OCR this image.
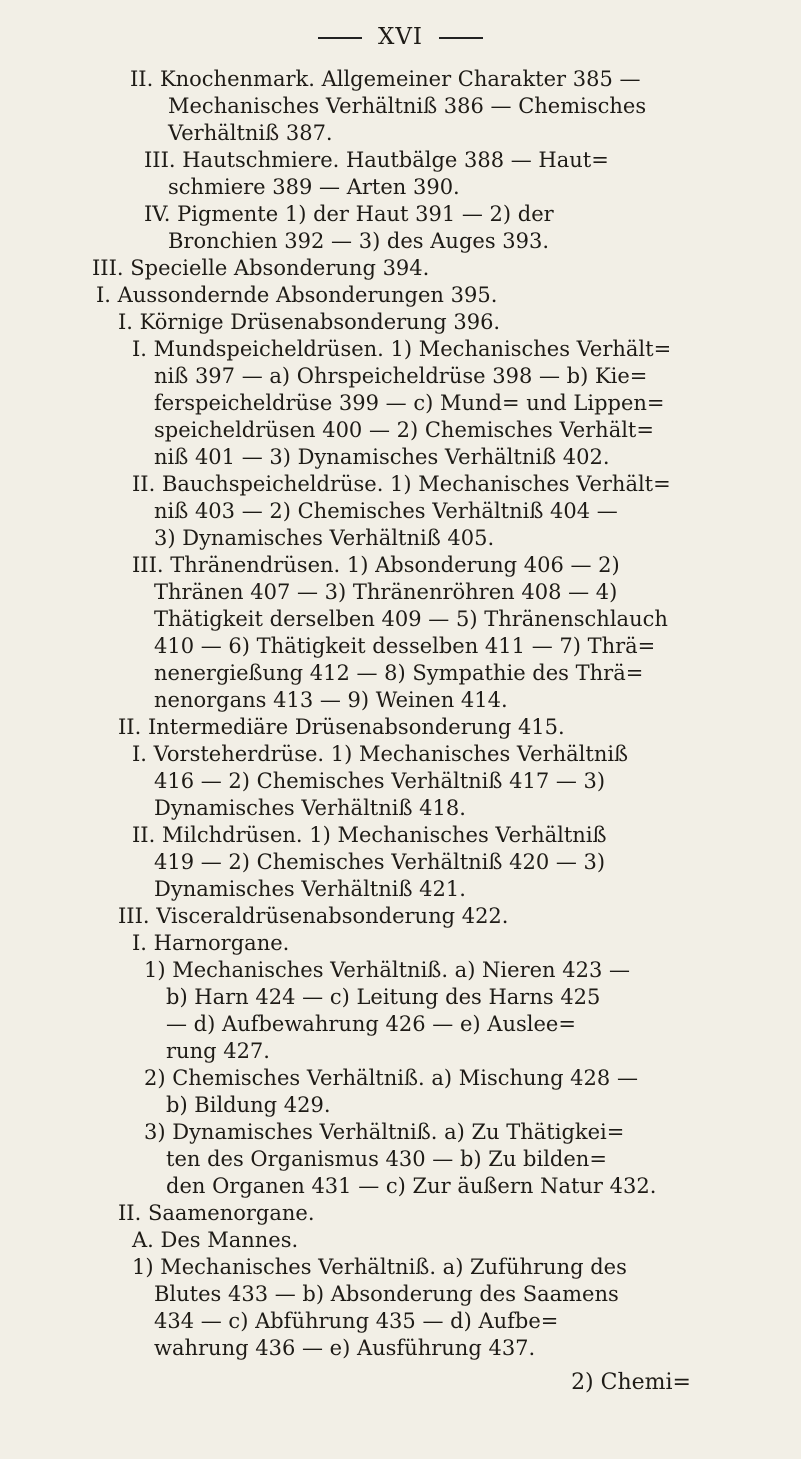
XVI
II. Knochenmark. Allgemeiner Charakter 385 —
Mechanisches Verhältniß 386 — Chemisches
Verhältniß 387.
III. Hautschmiere. Hautbälge 388 — Haut=
schmiere 389 — Arten 390.
IV. Pigmente 1) der Haut 391 — 2) der
Bronchien 392 — 3) des Auges 393.
III. Specielle Absonderung 394.
I. Aussondernde Absonderungen 395.
I. Körnige Drüsenabsonderung 396.
I. Mundspeicheldrüsen. 1) Mechanisches Verhält=
niß 397 — a) Ohrspeicheldrüse 398 — b) Kie=
ferspeicheldrüse 399 — c) Mund= und Lippen=
speicheldrüsen 400 — 2) Chemisches Verhält=
niß 401 — 3) Dynamisches Verhältniß 402.
II. Bauchspeicheldrüse. 1) Mechanisches Verhält=
niß 403 — 2) Chemisches Verhältniß 404 —
3) Dynamisches Verhältniß 405.
III. Thränendrüsen. 1) Absonderung 406 — 2)
Thränen 407 — 3) Thränenröhren 408 — 4)
Thätigkeit derselben 409 — 5) Thränenschlauch
410 — 6) Thätigkeit desselben 411 — 7) Thrä=
nenergießung 412 — 8) Sympathie des Thrä=
nenorgans 413 — 9) Weinen 414.
II. Intermediäre Drüsenabsonderung 415.
I. Vorsteherdrüse. 1) Mechanisches Verhältniß
416 — 2) Chemisches Verhältniß 417 — 3)
Dynamisches Verhältniß 418.
II. Milchdrüsen. 1) Mechanisches Verhältniß
419 — 2) Chemisches Verhältniß 420 — 3)
Dynamisches Verhältniß 421.
III. Visceraldrüsenabsonderung 422.
I. Harnorgane.
1) Mechanisches Verhältniß. a) Nieren 423 —
b) Harn 424 — c) Leitung des Harns 425
— d) Aufbewahrung 426 — e) Auslee=
rung 427.
2) Chemisches Verhältniß. a) Mischung 428 —
b) Bildung 429.
3) Dynamisches Verhältniß. a) Zu Thätigkei=
ten des Organismus 430 — b) Zu bilden=
den Organen 431 — c) Zur äußern Natur 432.
II. Saamenorgane.
A. Des Mannes.
1) Mechanisches Verhältniß. a) Zuführung des
Blutes 433 — b) Absonderung des Saamens
434 — c) Abführung 435 — d) Aufbe=
wahrung 436 — e) Ausführung 437.
2) Chemi=
